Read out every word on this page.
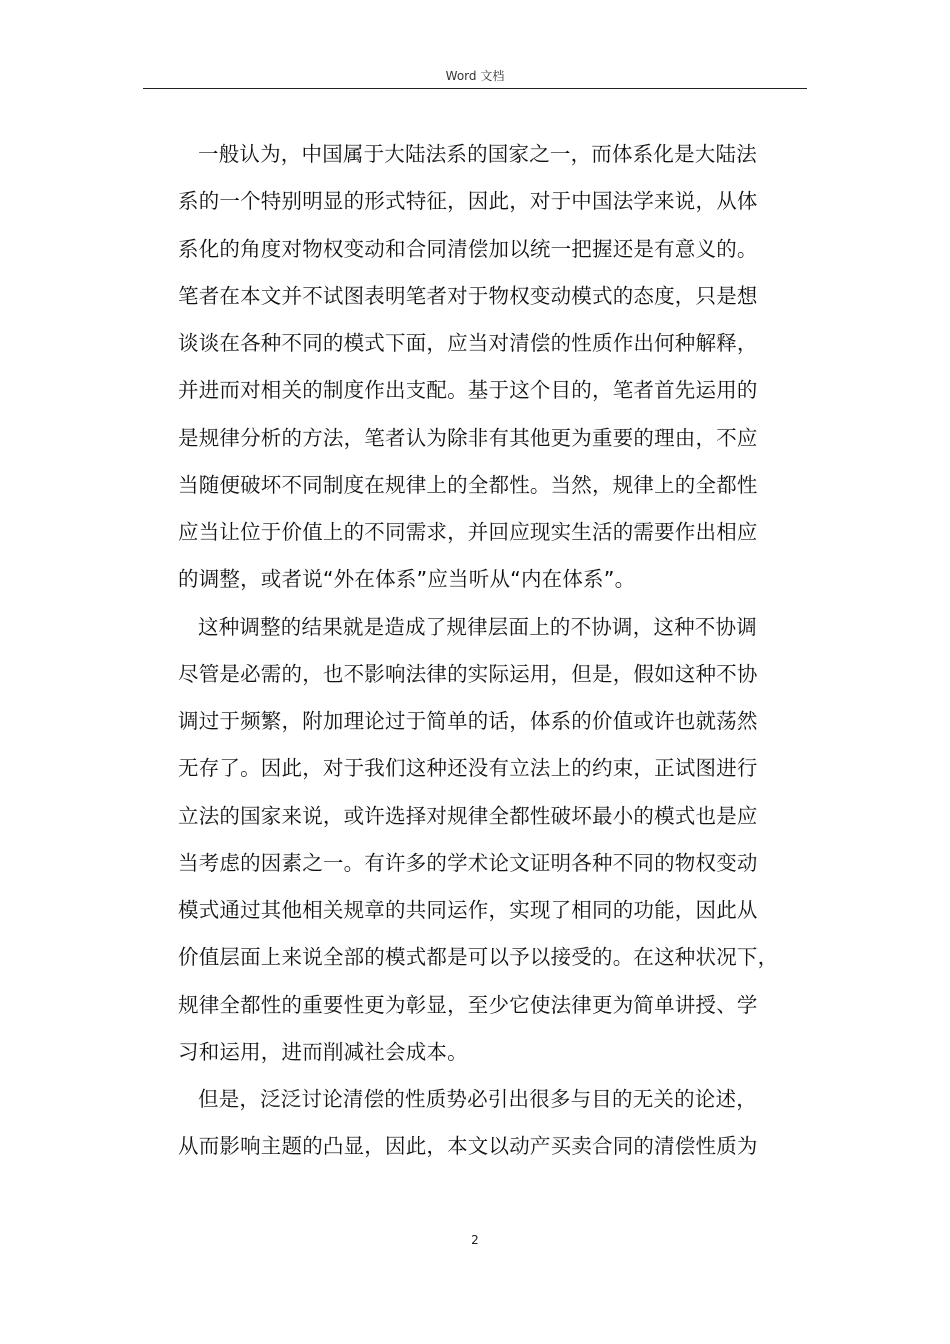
Word 文档
一般认为，中国属于大陆法系的国家之一，而体系化是大陆法
系的一个特别明显的形式特征，因此，对于中国法学来说，从体
系化的角度对物权变动和合同清偿加以统一把握还是有意义的。
笔者在本文并不试图表明笔者对于物权变动模式的态度，只是想
谈谈在各种不同的模式下面，应当对清偿的性质作出何种解释，
并进而对相关的制度作出支配。基于这个目的，笔者首先运用的
是规律分析的方法，笔者认为除非有其他更为重要的理由，不应
当随便破坏不同制度在规律上的全都性。当然，规律上的全都性
应当让位于价值上的不同需求，并回应现实生活的需要作出相应
的调整，或者说“外在体系”应当听从“内在体系”。
这种调整的结果就是造成了规律层面上的不协调，这种不协调
尽管是必需的，也不影响法律的实际运用，但是，假如这种不协
调过于频繁，附加理论过于简单的话，体系的价值或许也就荡然
无存了。因此，对于我们这种还没有立法上的约束，正试图进行
立法的国家来说，或许选择对规律全都性破坏最小的模式也是应
当考虑的因素之一。有许多的学术论文证明各种不同的物权变动
模式通过其他相关规章的共同运作，实现了相同的功能，因此从
价值层面上来说全部的模式都是可以予以接受的。在这种状况下，
规律全都性的重要性更为彰显，至少它使法律更为简单讲授、学
习和运用，进而削减社会成本。
但是，泛泛讨论清偿的性质势必引出很多与目的无关的论述，
从而影响主题的凸显，因此，本文以动产买卖合同的清偿性质为
2
